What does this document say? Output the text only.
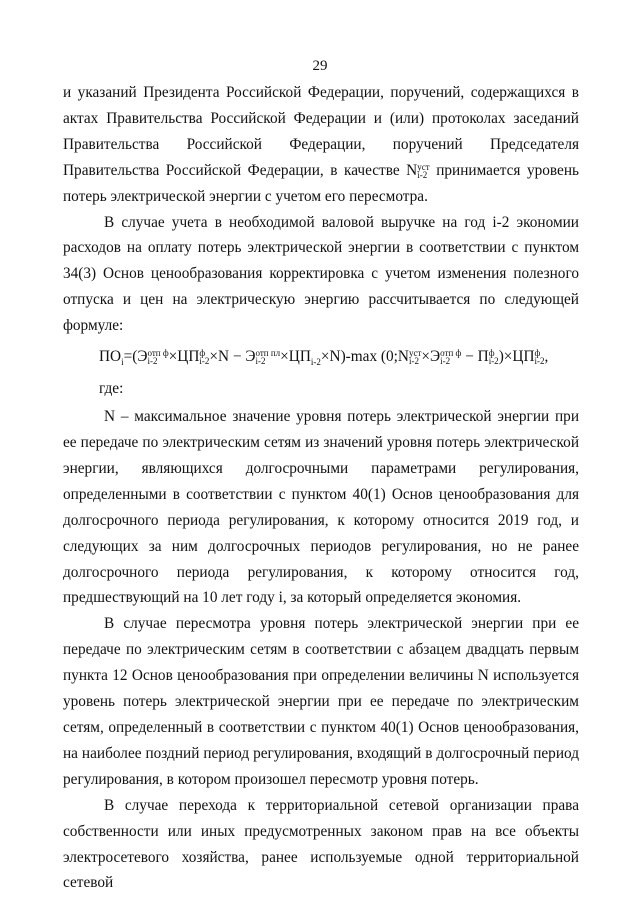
29

и указаний Президента Российской Федерации, поручений, содержащихся в актах Правительства Российской Федерации и (или) протоколах заседаний Правительства Российской Федерации, поручений Председателя Правительства Российской Федерации, в качестве N уст
i-2 принимается уровень потерь электрической энергии с учетом его пересмотра.

В случае учета в необходимой валовой выручке на год i-2 экономии расходов на оплату потерь электрической энергии в соответствии с пунктом 34(3) Основ ценообразования корректировка с учетом изменения полезного отпуска и цен на электрическую энергию рассчитывается по следующей формуле:

$ПО_i=(Э$ отп ф
i-2 ×ЦП ф
i-2 ×N − Э отп пл
$i-2 \times ЦП_{i-2}\times N)-\max$ (0;N уст
i-2 ×Э отп ф
i-2 − П ф
i-2 )×ЦП ф
i-2 ,
где:

N – максимальное значение уровня потерь электрической энергии при ее передаче по электрическим сетям из значений уровня потерь электрической энергии, являющихся долгосрочными параметрами регулирования, определенными в соответствии с пунктом 40(1) Основ ценообразования для долгосрочного периода регулирования, к которому относится 2019 год, и следующих за ним долгосрочных периодов регулирования, но не ранее долгосрочного периода регулирования, к которому относится год, предшествующий на 10 лет году i, за который определяется экономия.

В случае пересмотра уровня потерь электрической энергии при ее передаче по электрическим сетям в соответствии с абзацем двадцать первым пункта 12 Основ ценообразования при определении величины N используется уровень потерь электрической энергии при ее передаче по электрическим сетям, определенный в соответствии с пунктом 40(1) Основ ценообразования, на наиболее поздний период регулирования, входящий в долгосрочный период регулирования, в котором произошел пересмотр уровня потерь.

В случае перехода к территориальной сетевой организации права собственности или иных предусмотренных законом прав на все объекты электросетевого хозяйства, ранее используемые одной территориальной сетевой
